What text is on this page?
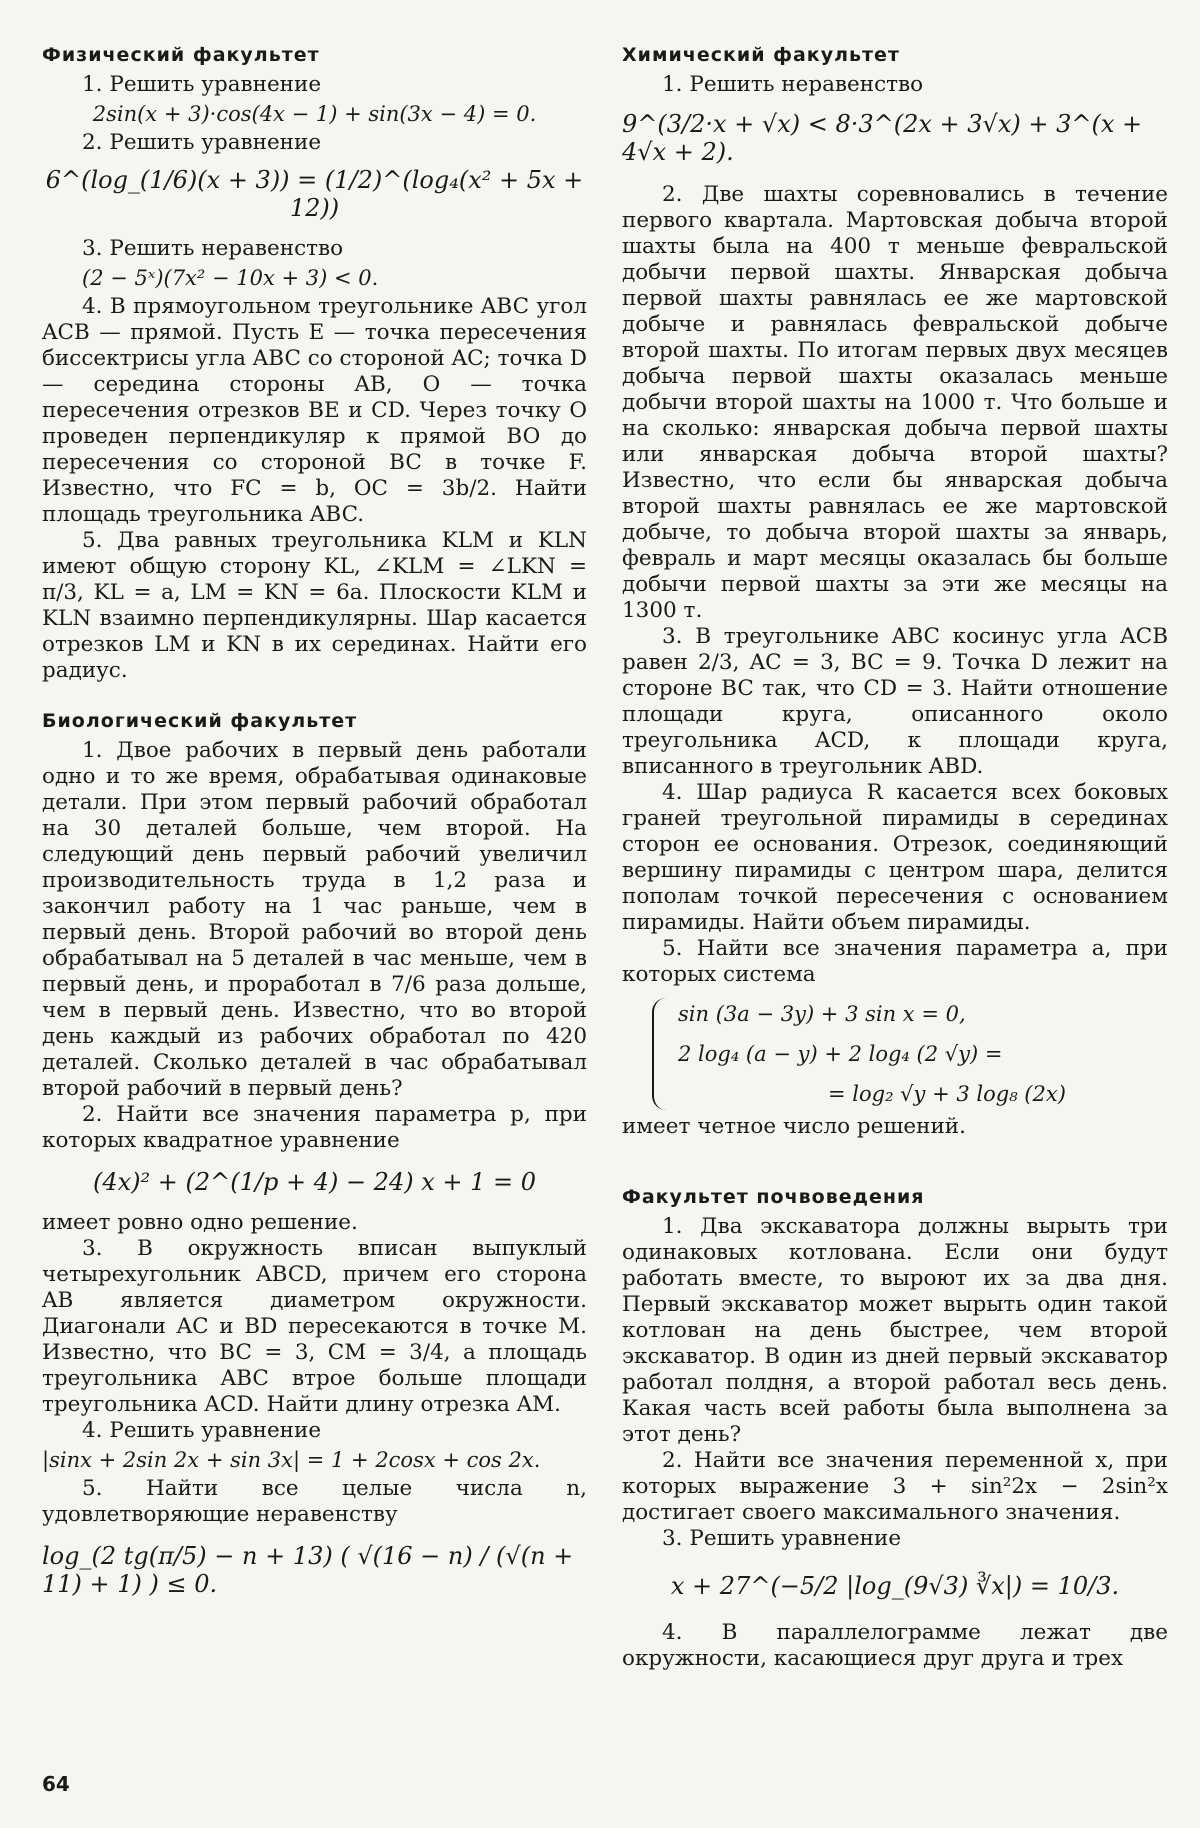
Физический факультет

1. Решить уравнение

2sin(x + 3)·cos(4x − 1) + sin(3x − 4) = 0.

2. Решить уравнение

6^(log_(1/6)(x + 3)) = (1/2)^(log₄(x² + 5x + 12))

3. Решить неравенство

(2 − 5ˣ)(7x² − 10x + 3) < 0.

4. В прямоугольном треугольнике ABC угол ACB — прямой. Пусть E — точка пересечения биссектрисы угла ABC со стороной AC; точка D — середина стороны AB, O — точка пересечения отрезков BE и CD. Через точку O проведен перпендикуляр к прямой BO до пересечения со стороной BC в точке F. Известно, что FC = b, OC = 3b/2. Найти площадь треугольника ABC.

5. Два равных треугольника KLM и KLN имеют общую сторону KL, ∠KLM = ∠LKN = π/3, KL = a, LM = KN = 6a. Плоскости KLM и KLN взаимно перпендикулярны. Шар касается отрезков LM и KN в их серединах. Найти его радиус.

Биологический факультет

1. Двое рабочих в первый день работали одно и то же время, обрабатывая одинаковые детали. При этом первый рабочий обработал на 30 деталей больше, чем второй. На следующий день первый рабочий увеличил производительность труда в 1,2 раза и закончил работу на 1 час раньше, чем в первый день. Второй рабочий во второй день обрабатывал на 5 деталей в час меньше, чем в первый день, и проработал в 7/6 раза дольше, чем в первый день. Известно, что во второй день каждый из рабочих обработал по 420 деталей. Сколько деталей в час обрабатывал второй рабочий в первый день?

2. Найти все значения параметра p, при которых квадратное уравнение

(4x)² + (2^(1/p + 4) − 24) x + 1 = 0

имеет ровно одно решение.

3. В окружность вписан выпуклый четырехугольник ABCD, причем его сторона AB является диаметром окружности. Диагонали AC и BD пересекаются в точке M. Известно, что BC = 3, CM = 3/4, а площадь треугольника ABC втрое больше площади треугольника ACD. Найти длину отрезка AM.

4. Решить уравнение

|sinx + 2sin 2x + sin 3x| = 1 + 2cosx + cos 2x.

5. Найти все целые числа n, удовлетворяющие неравенству

log_(2 tg(π/5) − n + 13) ( √(16 − n) / (√(n + 11) + 1) ) ≤ 0.
Химический факультет

1. Решить неравенство

9^(3/2·x + √x) < 8·3^(2x + 3√x) + 3^(x + 4√x + 2).

2. Две шахты соревновались в течение первого квартала. Мартовская добыча второй шахты была на 400 т меньше февральской добычи первой шахты. Январская добыча первой шахты равнялась ее же мартовской добыче и равнялась февральской добыче второй шахты. По итогам первых двух месяцев добыча первой шахты оказалась меньше добычи второй шахты на 1000 т. Что больше и на сколько: январская добыча первой шахты или январская добыча второй шахты? Известно, что если бы январская добыча второй шахты равнялась ее же мартовской добыче, то добыча второй шахты за январь, февраль и март месяцы оказалась бы больше добычи первой шахты за эти же месяцы на 1300 т.

3. В треугольнике ABC косинус угла ACB равен 2/3, AC = 3, BC = 9. Точка D лежит на стороне BC так, что CD = 3. Найти отношение площади круга, описанного около треугольника ACD, к площади круга, вписанного в треугольник ABD.

4. Шар радиуса R касается всех боковых граней треугольной пирамиды в серединах сторон ее основания. Отрезок, соединяющий вершину пирамиды с центром шара, делится пополам точкой пересечения с основанием пирамиды. Найти объем пирамиды.

5. Найти все значения параметра a, при которых система

sin (3a − 3y) + 3 sin x = 0,
2 log₄ (a − y) + 2 log₄ (2 √y) =
= log₂ √y + 3 log₈ (2x)

имеет четное число решений.

Факультет почвоведения

1. Два экскаватора должны вырыть три одинаковых котлована. Если они будут работать вместе, то выроют их за два дня. Первый экскаватор может вырыть один такой котлован на день быстрее, чем второй экскаватор. В один из дней первый экскаватор работал полдня, а второй работал весь день. Какая часть всей работы была выполнена за этот день?

2. Найти все значения переменной x, при которых выражение 3 + sin²2x − 2sin²x достигает своего максимального значения.

3. Решить уравнение

x + 27^(−5/2 |log_(9√3) ∛x|) = 10/3.

4. В параллелограмме лежат две окружности, касающиеся друг друга и трех

64
